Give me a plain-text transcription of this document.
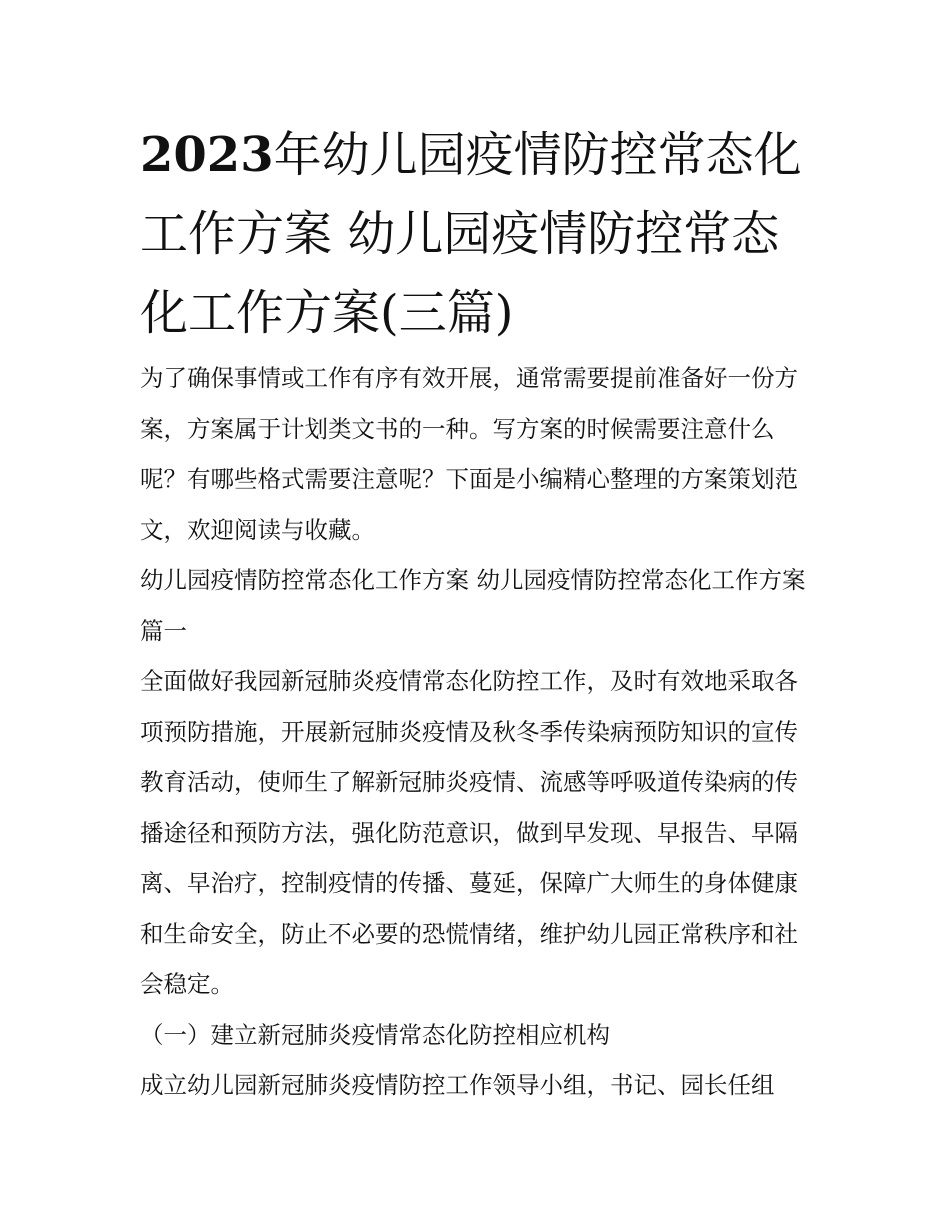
2023年幼儿园疫情防控常态化工作方案 幼儿园疫情防控常态化工作方案(三篇)

为了确保事情或工作有序有效开展，通常需要提前准备好一份方案，方案属于计划类文书的一种。写方案的时候需要注意什么呢？有哪些格式需要注意呢？下面是小编精心整理的方案策划范文，欢迎阅读与收藏。

幼儿园疫情防控常态化工作方案 幼儿园疫情防控常态化工作方案篇一

全面做好我园新冠肺炎疫情常态化防控工作，及时有效地采取各项预防措施，开展新冠肺炎疫情及秋冬季传染病预防知识的宣传教育活动，使师生了解新冠肺炎疫情、流感等呼吸道传染病的传播途径和预防方法，强化防范意识，做到早发现、早报告、早隔离、早治疗，控制疫情的传播、蔓延，保障广大师生的身体健康和生命安全，防止不必要的恐慌情绪，维护幼儿园正常秩序和社会稳定。

（一）建立新冠肺炎疫情常态化防控相应机构

成立幼儿园新冠肺炎疫情防控工作领导小组，书记、园长任组
